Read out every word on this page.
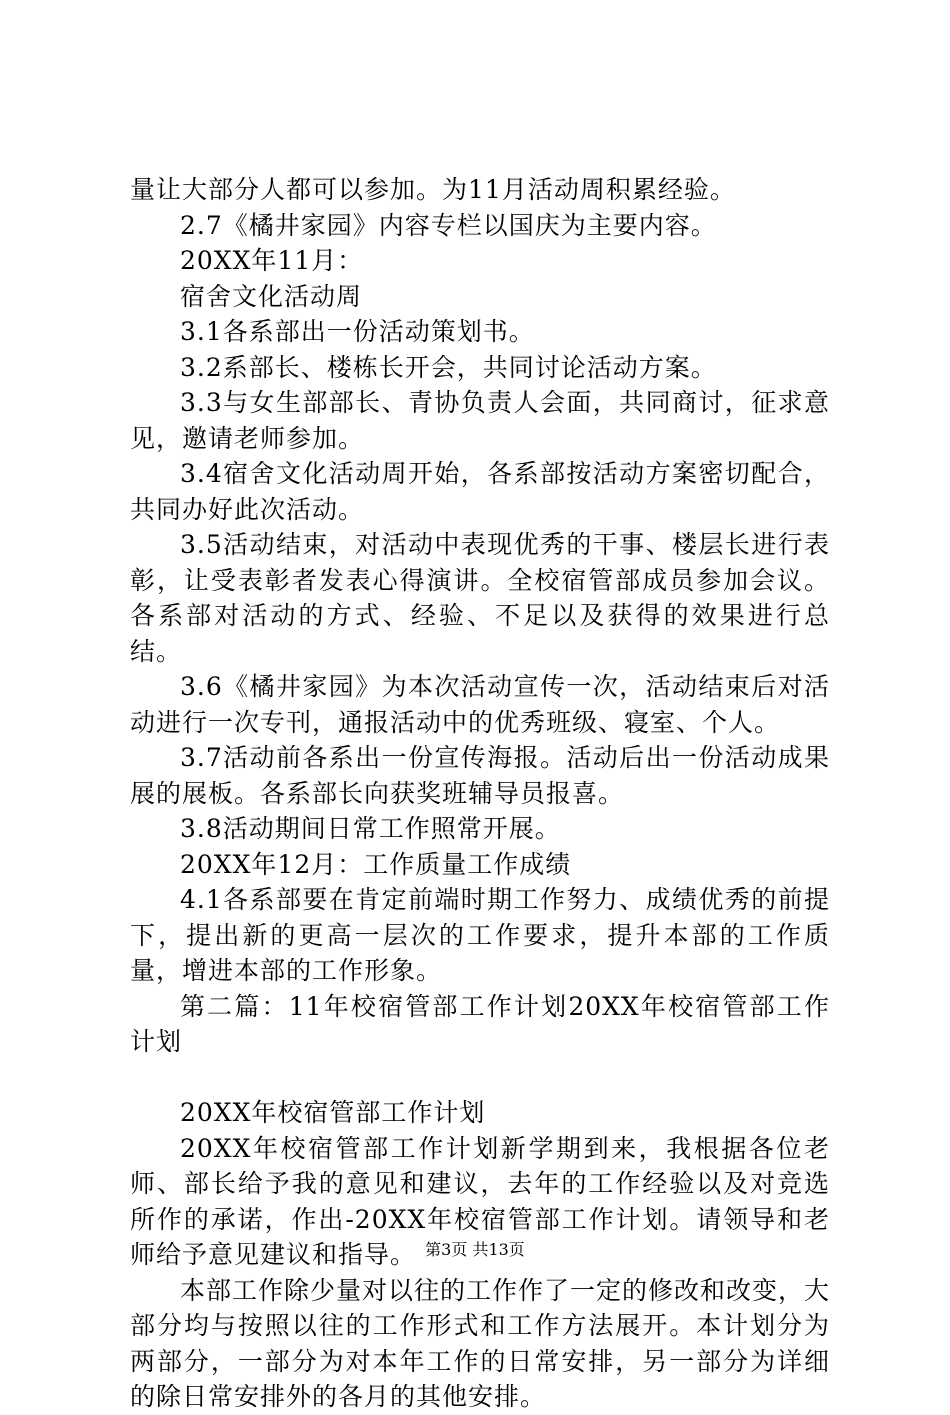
量让大部分人都可以参加。为11月活动周积累经验。

2.7《橘井家园》内容专栏以国庆为主要内容。

20XX年11月：

宿舍文化活动周

3.1各系部出一份活动策划书。

3.2系部长、楼栋长开会，共同讨论活动方案。

3.3与女生部部长、青协负责人会面，共同商讨，征求意见，邀请老师参加。

3.4宿舍文化活动周开始，各系部按活动方案密切配合，共同办好此次活动。

3.5活动结束，对活动中表现优秀的干事、楼层长进行表彰，让受表彰者发表心得演讲。全校宿管部成员参加会议。各系部对活动的方式、经验、不足以及获得的效果进行总结。

3.6《橘井家园》为本次活动宣传一次，活动结束后对活动进行一次专刊，通报活动中的优秀班级、寝室、个人。

3.7活动前各系出一份宣传海报。活动后出一份活动成果展的展板。各系部长向获奖班辅导员报喜。

3.8活动期间日常工作照常开展。

20XX年12月：工作质量工作成绩

4.1各系部要在肯定前端时期工作努力、成绩优秀的前提下，提出新的更高一层次的工作要求，提升本部的工作质量，增进本部的工作形象。

第二篇：11年校宿管部工作计划20XX年校宿管部工作计划

20XX年校宿管部工作计划

20XX年校宿管部工作计划新学期到来，我根据各位老师、部长给予我的意见和建议，去年的工作经验以及对竞选所作的承诺，作出-20XX年校宿管部工作计划。请领导和老师给予意见建议和指导。

本部工作除少量对以往的工作作了一定的修改和改变，大部分均与按照以往的工作形式和工作方法展开。本计划分为两部分，一部分为对本年工作的日常安排，另一部分为详细的除日常安排外的各月的其他安排。

第3页 共13页
